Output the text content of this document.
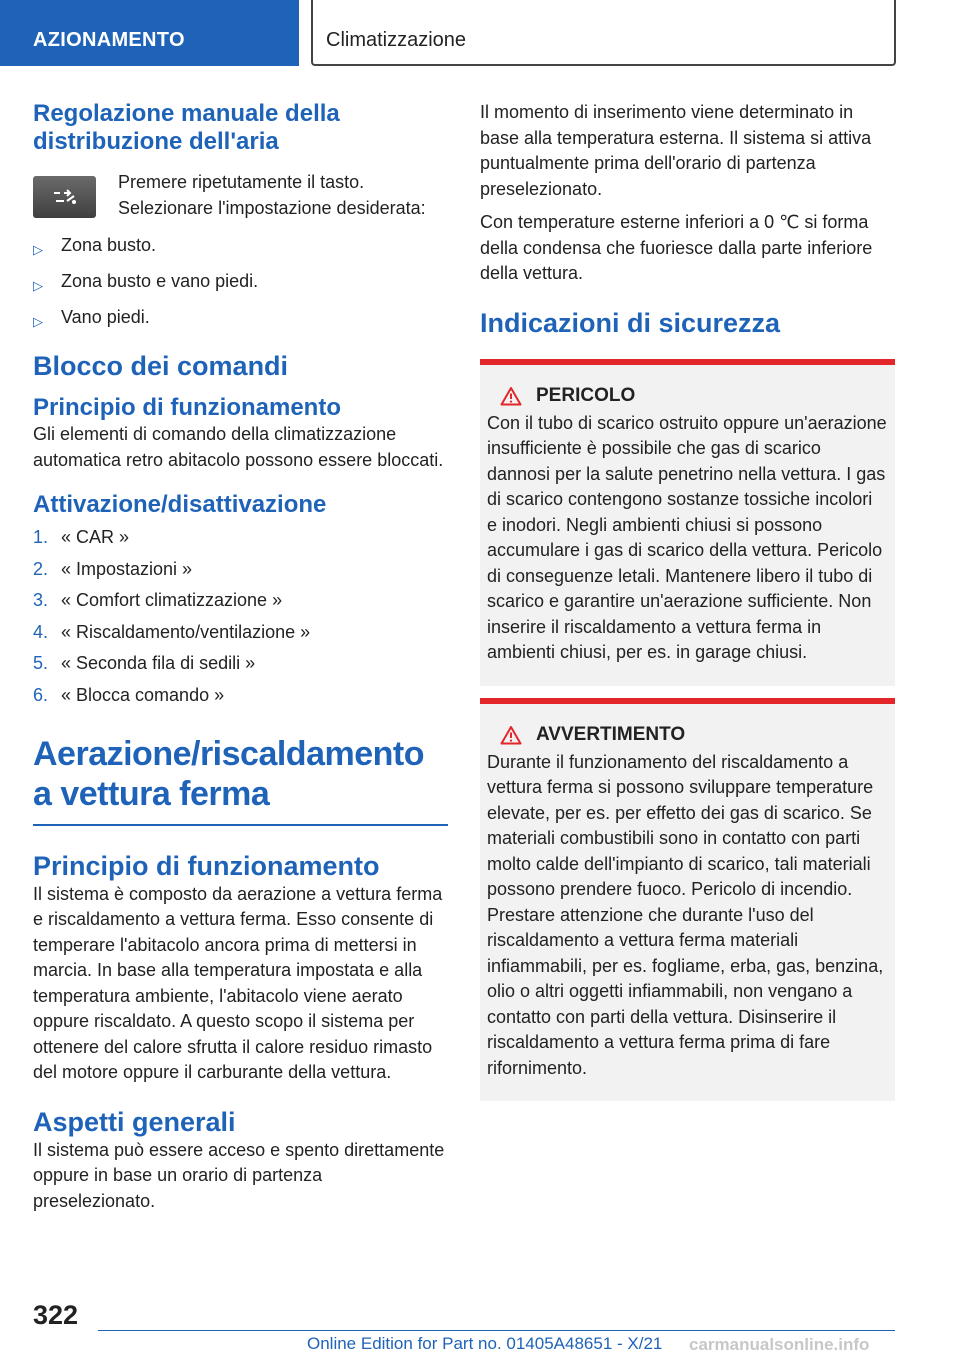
AZIONAMENTO	Climatizzazione
Regolazione manuale della distribuzione dell'aria
Premere ripetutamente il tasto. Selezionare l'impostazione desiderata:
▷	Zona busto.
▷	Zona busto e vano piedi.
▷	Vano piedi.
Blocco dei comandi
Principio di funzionamento
Gli elementi di comando della climatizzazione automatica retro abitacolo possono essere bloccati.
Attivazione/disattivazione
1. « CAR »
2. « Impostazioni »
3. « Comfort climatizzazione »
4. « Riscaldamento/ventilazione »
5. « Seconda fila di sedili »
6. « Blocca comando »
Aerazione/riscaldamento a vettura ferma
Principio di funzionamento
Il sistema è composto da aerazione a vettura ferma e riscaldamento a vettura ferma. Esso consente di temperare l'abitacolo ancora prima di mettersi in marcia. In base alla temperatura impostata e alla temperatura ambiente, l'abitacolo viene aerato oppure riscaldato. A questo scopo il sistema per ottenere del calore sfrutta il calore residuo rimasto del motore oppure il carburante della vettura.
Aspetti generali
Il sistema può essere acceso e spento direttamente oppure in base un orario di partenza preselezionato.
Il momento di inserimento viene determinato in base alla temperatura esterna. Il sistema si attiva puntualmente prima dell'orario di partenza preselezionato.
Con temperature esterne inferiori a 0 ℃ si forma della condensa che fuoriesce dalla parte inferiore della vettura.
Indicazioni di sicurezza
PERICOLO
Con il tubo di scarico ostruito oppure un'aerazione insufficiente è possibile che gas di scarico dannosi per la salute penetrino nella vettura. I gas di scarico contengono sostanze tossiche incolori e inodori. Negli ambienti chiusi si possono accumulare i gas di scarico della vettura. Pericolo di conseguenze letali. Mantenere libero il tubo di scarico e garantire un'aerazione sufficiente. Non inserire il riscaldamento a vettura ferma in ambienti chiusi, per es. in garage chiusi.
AVVERTIMENTO
Durante il funzionamento del riscaldamento a vettura ferma si possono sviluppare temperature elevate, per es. per effetto dei gas di scarico. Se materiali combustibili sono in contatto con parti molto calde dell'impianto di scarico, tali materiali possono prendere fuoco. Pericolo di incendio. Prestare attenzione che durante l'uso del riscaldamento a vettura ferma materiali infiammabili, per es. fogliame, erba, gas, benzina, olio o altri oggetti infiammabili, non vengano a contatto con parti della vettura. Disinserire il riscaldamento a vettura ferma prima di fare rifornimento.
322
Online Edition for Part no. 01405A48651 - X/21 carmanualsonline.info
